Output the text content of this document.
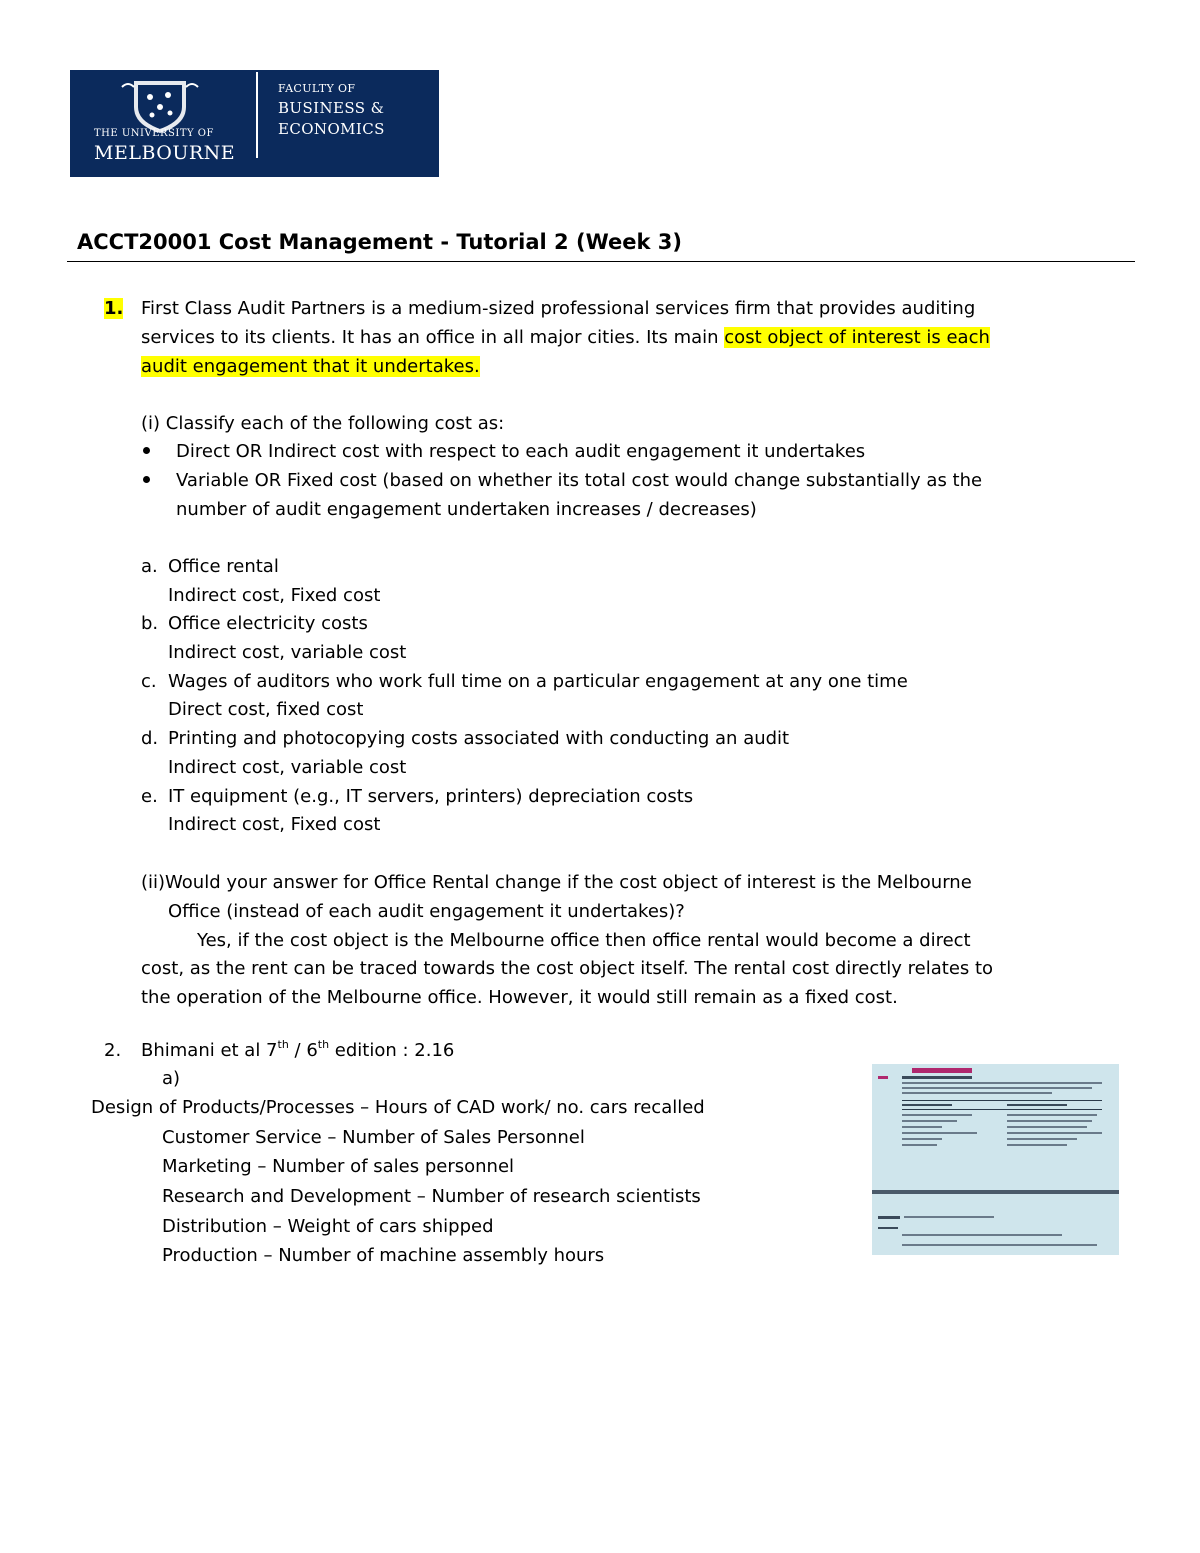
THE UNIVERSITY OF
MELBOURNE
FACULTY OF
BUSINESS &
ECONOMICS
ACCT20001 Cost Management - Tutorial 2 (Week 3)
1. First Class Audit Partners is a medium-sized professional services firm that provides auditing
services to its clients. It has an office in all major cities. Its main cost object of interest is each
audit engagement that it undertakes.
(i) Classify each of the following cost as:
Direct OR Indirect cost with respect to each audit engagement it undertakes
Variable OR Fixed cost (based on whether its total cost would change substantially as the
number of audit engagement undertaken increases / decreases)
a. Office rental
Indirect cost, Fixed cost
b. Office electricity costs
Indirect cost, variable cost
c. Wages of auditors who work full time on a particular engagement at any one time
Direct cost, fixed cost
d. Printing and photocopying costs associated with conducting an audit
Indirect cost, variable cost
e. IT equipment (e.g., IT servers, printers) depreciation costs
Indirect cost, Fixed cost
(ii)Would your answer for Office Rental change if the cost object of interest is the Melbourne
Office (instead of each audit engagement it undertakes)?
Yes, if the cost object is the Melbourne office then office rental would become a direct
cost, as the rent can be traced towards the cost object itself. The rental cost directly relates to
the operation of the Melbourne office. However, it would still remain as a fixed cost.
2. Bhimani et al 7th / 6th edition : 2.16
a)
Design of Products/Processes – Hours of CAD work/ no. cars recalled
Customer Service – Number of Sales Personnel
Marketing – Number of sales personnel
Research and Development – Number of research scientists
Distribution – Weight of cars shipped
Production – Number of machine assembly hours
